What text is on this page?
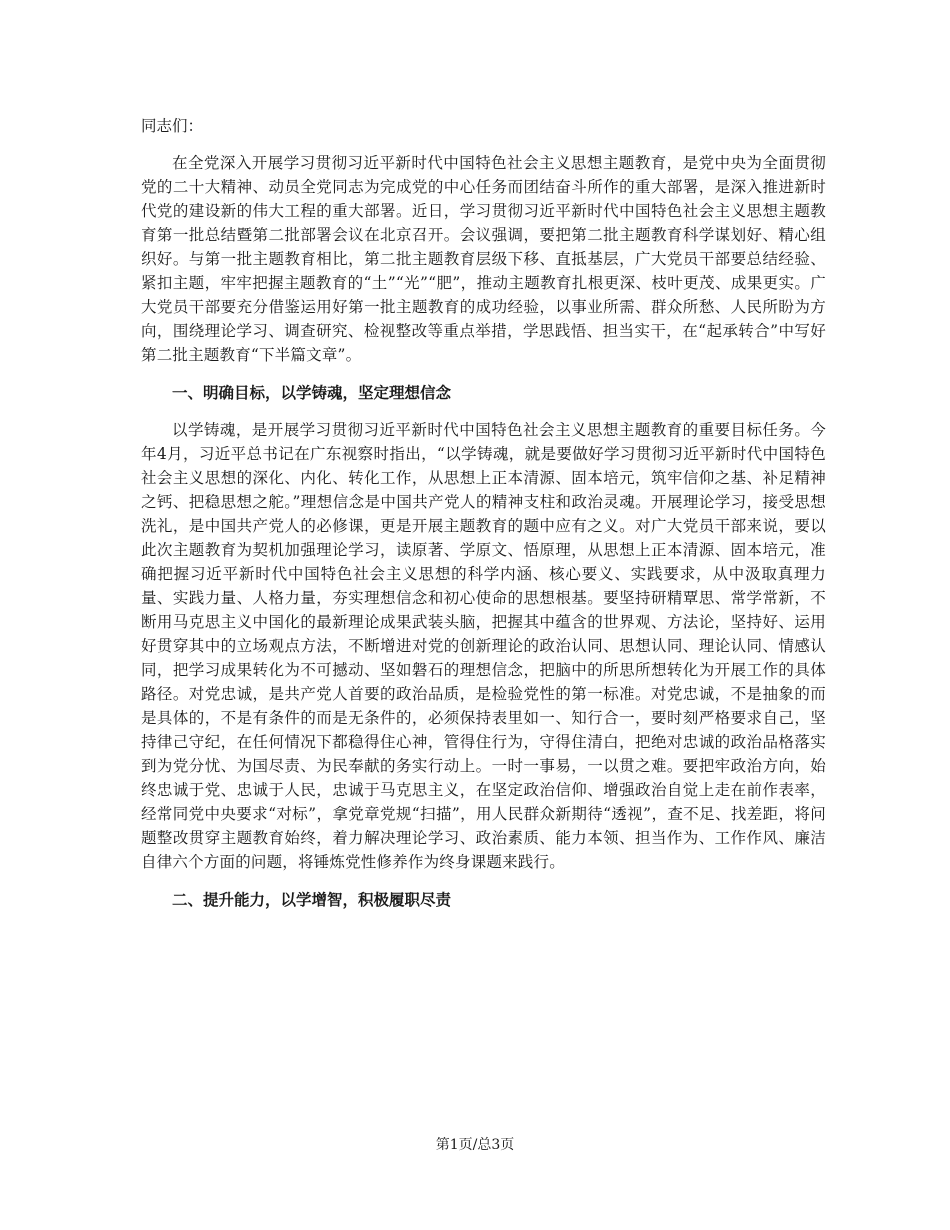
同志们：

在全党深入开展学习贯彻习近平新时代中国特色社会主义思想主题教育，是党中央为全面贯彻党的二十大精神、动员全党同志为完成党的中心任务而团结奋斗所作的重大部署，是深入推进新时代党的建设新的伟大工程的重大部署。近日，学习贯彻习近平新时代中国特色社会主义思想主题教育第一批总结暨第二批部署会议在北京召开。会议强调，要把第二批主题教育科学谋划好、精心组织好。与第一批主题教育相比，第二批主题教育层级下移、直抵基层，广大党员干部要总结经验、紧扣主题，牢牢把握主题教育的“土”“光”“肥”，推动主题教育扎根更深、枝叶更茂、成果更实。广大党员干部要充分借鉴运用好第一批主题教育的成功经验，以事业所需、群众所愁、人民所盼为方向，围绕理论学习、调查研究、检视整改等重点举措，学思践悟、担当实干，在“起承转合”中写好第二批主题教育“下半篇文章”。

一、明确目标，以学铸魂，坚定理想信念

以学铸魂，是开展学习贯彻习近平新时代中国特色社会主义思想主题教育的重要目标任务。今年4月，习近平总书记在广东视察时指出，“以学铸魂，就是要做好学习贯彻习近平新时代中国特色社会主义思想的深化、内化、转化工作，从思想上正本清源、固本培元，筑牢信仰之基、补足精神之钙、把稳思想之舵。”理想信念是中国共产党人的精神支柱和政治灵魂。开展理论学习，接受思想洗礼，是中国共产党人的必修课，更是开展主题教育的题中应有之义。对广大党员干部来说，要以此次主题教育为契机加强理论学习，读原著、学原文、悟原理，从思想上正本清源、固本培元，准确把握习近平新时代中国特色社会主义思想的科学内涵、核心要义、实践要求，从中汲取真理力量、实践力量、人格力量，夯实理想信念和初心使命的思想根基。要坚持研精覃思、常学常新，不断用马克思主义中国化的最新理论成果武装头脑，把握其中蕴含的世界观、方法论，坚持好、运用好贯穿其中的立场观点方法，不断增进对党的创新理论的政治认同、思想认同、理论认同、情感认同，把学习成果转化为不可撼动、坚如磐石的理想信念，把脑中的所思所想转化为开展工作的具体路径。对党忠诚，是共产党人首要的政治品质，是检验党性的第一标准。对党忠诚，不是抽象的而是具体的，不是有条件的而是无条件的，必须保持表里如一、知行合一，要时刻严格要求自己，坚持律己守纪，在任何情况下都稳得住心神，管得住行为，守得住清白，把绝对忠诚的政治品格落实到为党分忧、为国尽责、为民奉献的务实行动上。一时一事易，一以贯之难。要把牢政治方向，始终忠诚于党、忠诚于人民，忠诚于马克思主义，在坚定政治信仰、增强政治自觉上走在前作表率，经常同党中央要求“对标”，拿党章党规“扫描”，用人民群众新期待“透视”，查不足、找差距，将问题整改贯穿主题教育始终，着力解决理论学习、政治素质、能力本领、担当作为、工作作风、廉洁自律六个方面的问题，将锤炼党性修养作为终身课题来践行。

二、提升能力，以学增智，积极履职尽责

第1页/总3页
